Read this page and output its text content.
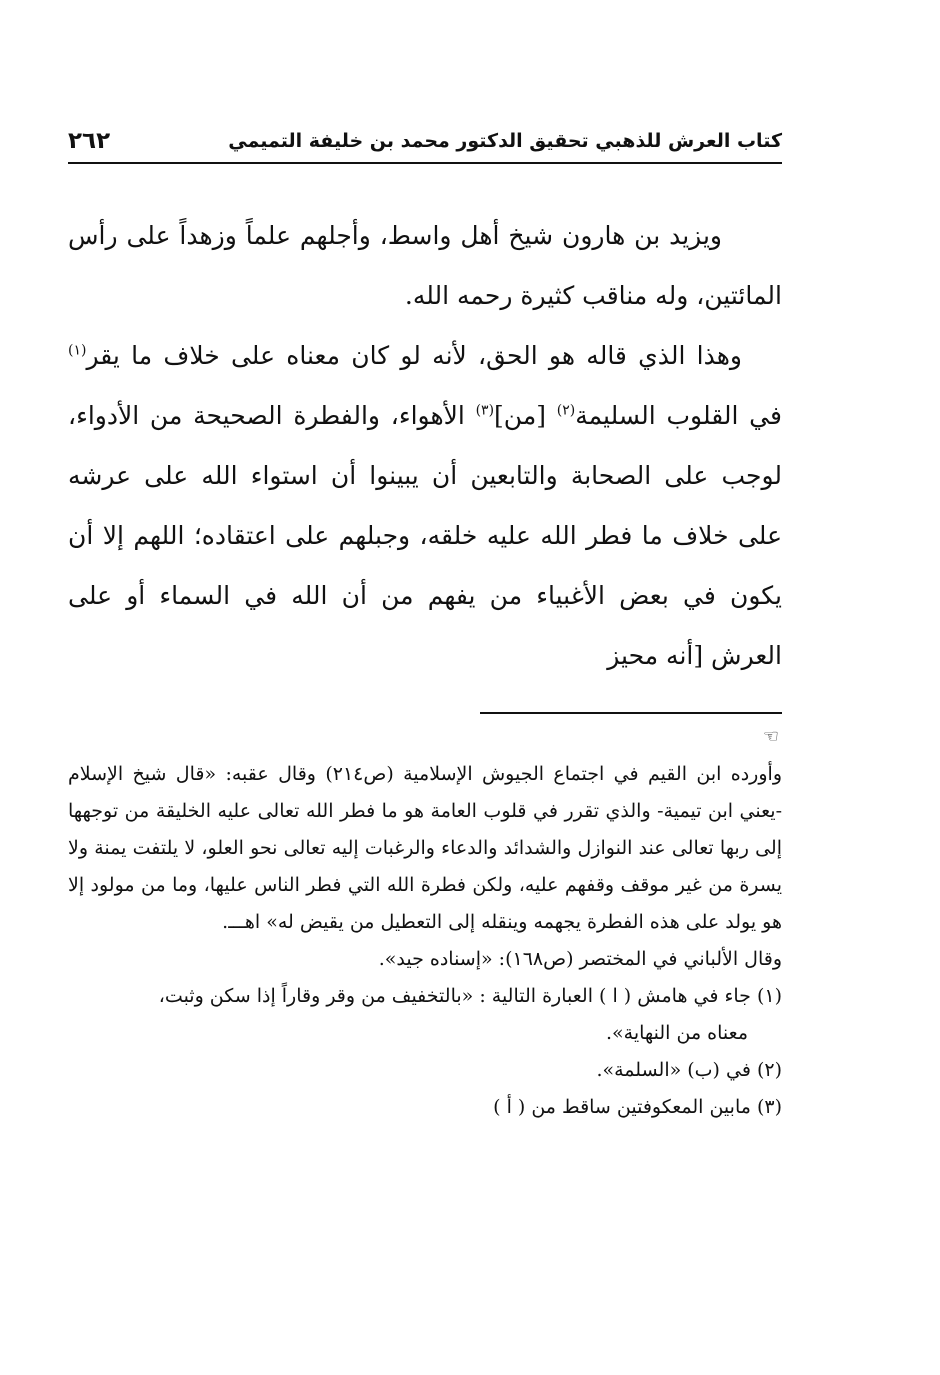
كتاب العرش للذهبي تحقيق الدكتور محمد بن خليفة التميمي
٢٦٢

ويزيد بن هارون شيخ أهل واسط، وأجلهم علماً وزهداً على رأس المائتين، وله مناقب كثيرة رحمه الله.

وهذا الذي قاله هو الحق، لأنه لو كان معناه على خلاف ما يقر$^{(١)}$ في القلوب السليمة$^{(٢)}$ [من]$^{(٣)}$ الأهواء، والفطرة الصحيحة من الأدواء، لوجب على الصحابة والتابعين أن يبينوا أن استواء الله على عرشه على خلاف ما فطر الله عليه خلقه، وجبلهم على اعتقاده؛ اللهم إلا أن يكون في بعض الأغبياء من يفهم من أن الله في السماء أو على العرش [أنه محيز

☜

وأورده ابن القيم في اجتماع الجيوش الإسلامية (ص٢١٤) وقال عقبه: «قال شيخ الإسلام -يعني ابن تيمية- والذي تقرر في قلوب العامة هو ما فطر الله تعالى عليه الخليقة من توجهها إلى ربها تعالى عند النوازل والشدائد والدعاء والرغبات إليه تعالى نحو العلو، لا يلتفت يمنة ولا يسرة من غير موقف وقفهم عليه، ولكن فطرة الله التي فطر الناس عليها، وما من مولود إلا هو يولد على هذه الفطرة يجهمه وينقله إلى التعطيل من يقيض له» اهـــ.

وقال الألباني في المختصر (ص١٦٨): «إسناده جيد».

(١)جاء في هامش ( ا ) العبارة التالية : «بالتخفيف من وقر وقاراً إذا سكن وثبت،
معناه من النهاية».

(٢)في (ب) «السلمة».

(٣)مابين المعكوفتين ساقط من ( أ )
